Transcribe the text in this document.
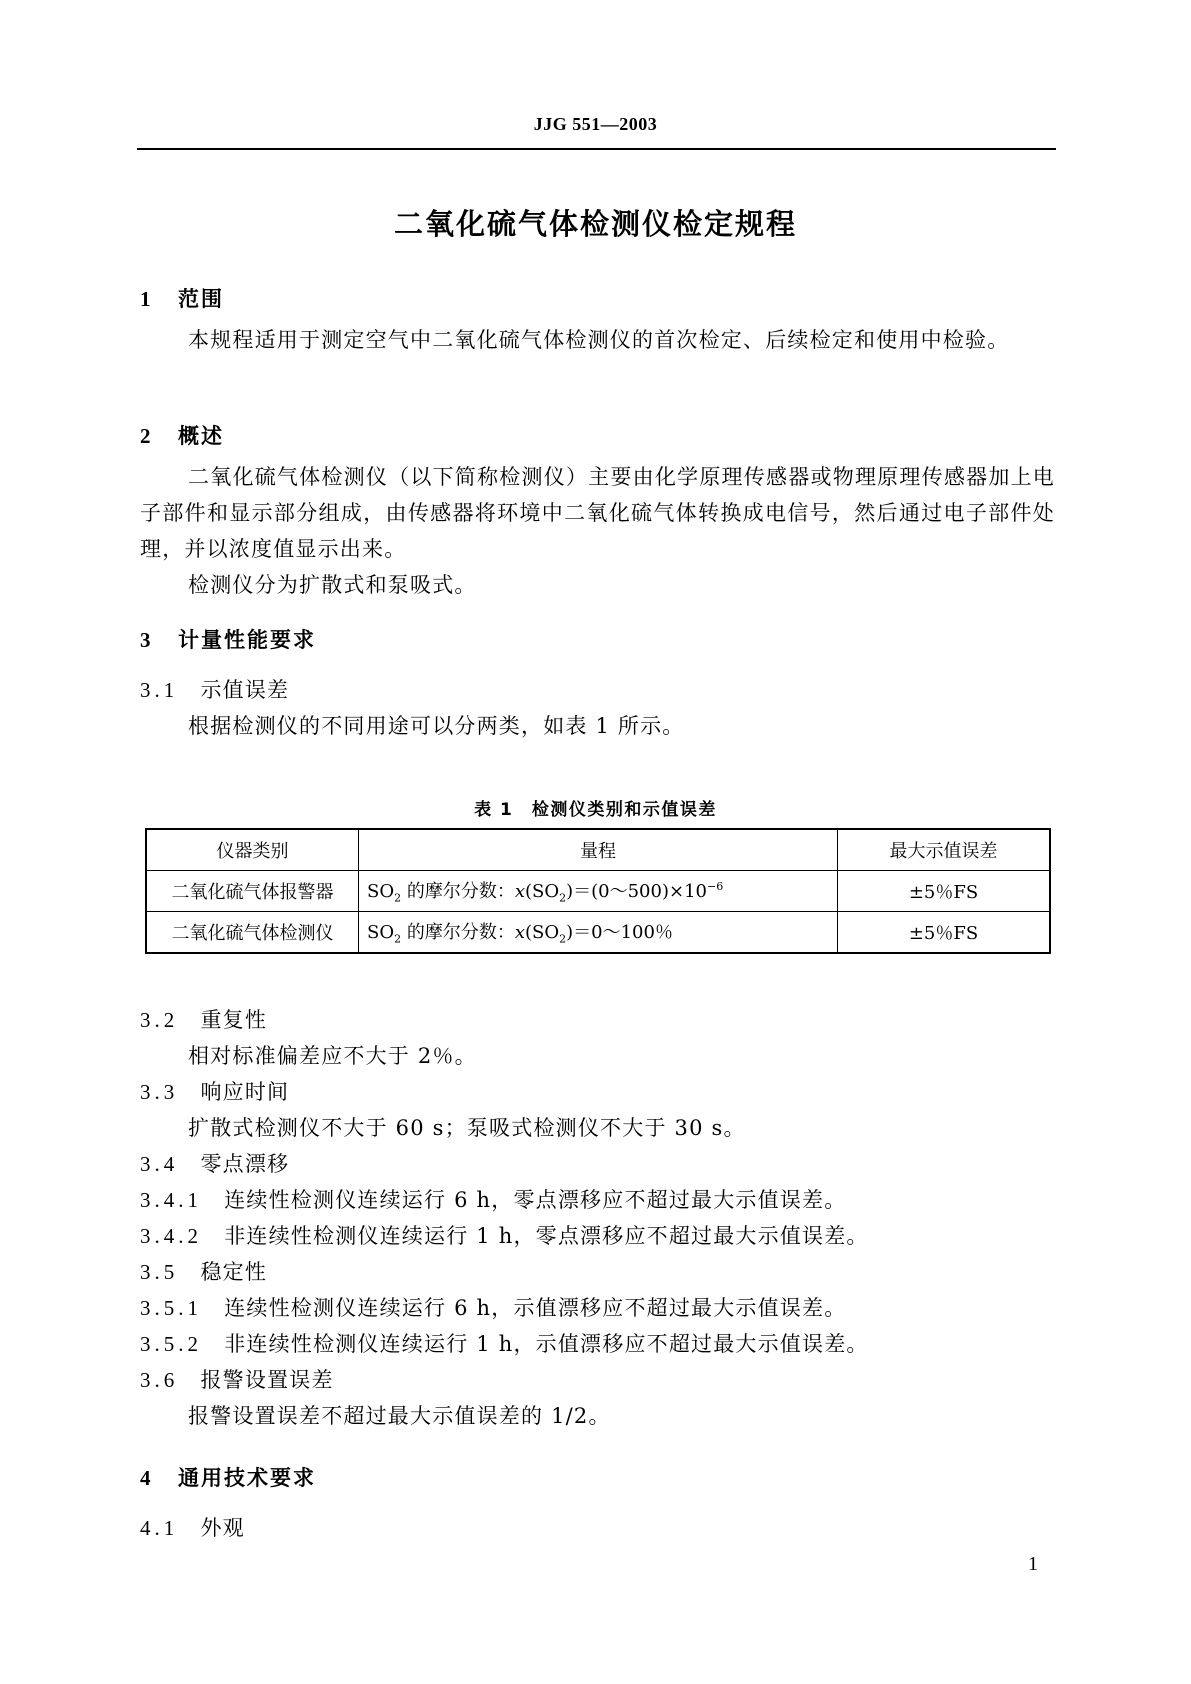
JJG 551—2003
二氧化硫气体检测仪检定规程
1 范围
本规程适用于测定空气中二氧化硫气体检测仪的首次检定、后续检定和使用中检验。
2 概述
二氧化硫气体检测仪（以下简称检测仪）主要由化学原理传感器或物理原理传感器加上电子部件和显示部分组成，由传感器将环境中二氧化硫气体转换成电信号，然后通过电子部件处理，并以浓度值显示出来。
检测仪分为扩散式和泵吸式。
3 计量性能要求
3.1　 示值误差
根据检测仪的不同用途可以分两类，如表 1 所示。
表 1　检测仪类别和示值误差
仪器类别	量程	最大示值误差
二氧化硫气体报警器	$SO_2$ 的摩尔分数：$x(SO_2)=(0\sim 500)\times 10^{-6}$	±5％FS
二氧化硫气体检测仪	$SO_2$ 的摩尔分数：$x(SO_2)=0\sim 100$％	±5％FS
3.2　 重复性
相对标准偏差应不大于 2％。
3.3　 响应时间
扩散式检测仪不大于 60 s；泵吸式检测仪不大于 30 s。
3.4　 零点漂移
3.4.1　 连续性检测仪连续运行 6 h，零点漂移应不超过最大示值误差。
3.4.2　 非连续性检测仪连续运行 1 h，零点漂移应不超过最大示值误差。
3.5　 稳定性
3.5.1　 连续性检测仪连续运行 6 h，示值漂移应不超过最大示值误差。
3.5.2　 非连续性检测仪连续运行 1 h，示值漂移应不超过最大示值误差。
3.6　 报警设置误差
报警设置误差不超过最大示值误差的 1/2。
4 通用技术要求
4.1　 外观
1
